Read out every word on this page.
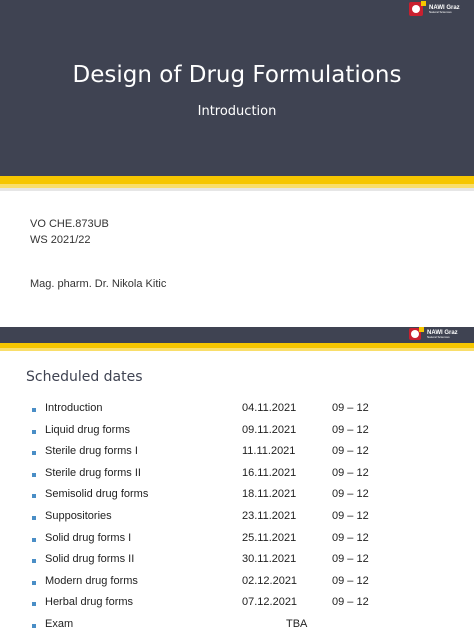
NAWI Graz
Natural Sciences
Design of Drug Formulations
Introduction
VO CHE.873UB
WS 2021/22
Mag. pharm. Dr. Nikola Kitic
NAWI Graz
Natural Sciences
Scheduled dates
Introduction	04.11.2021	09 – 12
Liquid drug forms	09.11.2021	09 – 12
Sterile drug forms I	11.11.2021	09 – 12
Sterile drug forms II	16.11.2021	09 – 12
Semisolid drug forms	18.11.2021	09 – 12
Suppositories	23.11.2021	09 – 12
Solid drug forms I	25.11.2021	09 – 12
Solid drug forms II	30.11.2021	09 – 12
Modern drug forms	02.12.2021	09 – 12
Herbal drug forms	07.12.2021	09 – 12
Exam	TBA
